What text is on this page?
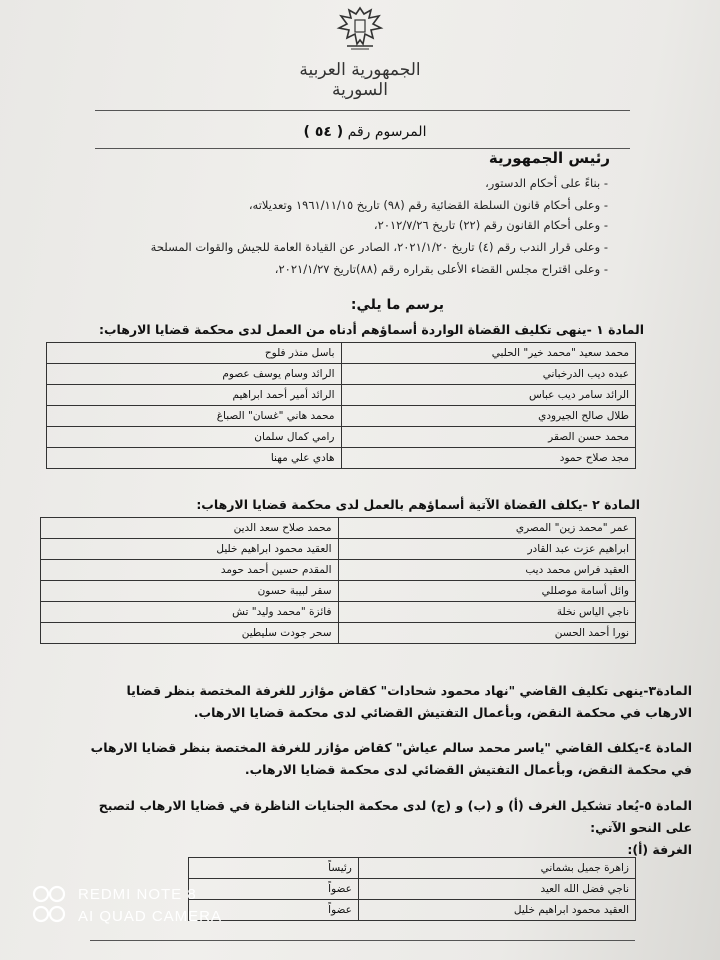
الجمهورية العربية السورية
المرسوم رقم ( ٥٤ )
رئيس الجمهورية
- بناءً على أحكام الدستور،
- وعلى أحكام قانون السلطة القضائية رقم (٩٨) تاريخ ١٩٦١/١١/١٥ وتعديلاته،
- وعلى أحكام القانون رقم (٢٢) تاريخ ٢٠١٢/٧/٢٦،
- وعلى قرار الندب رقم (٤) تاريخ ٢٠٢١/١/٢٠، الصادر عن القيادة العامة للجيش والقوات المسلحة
- وعلى اقتراح مجلس القضاء الأعلى بقراره رقم (٨٨)تاريخ ٢٠٢١/١/٢٧،
يرسم ما يلي:
المادة ١ -ينهى تكليف القضاة الواردة أسماؤهم أدناه من العمل لدى محكمة قضايا الارهاب:
محمد سعيد "محمد خير" الحلبي	باسل منذر فلوح
عبده ديب الدرخباني	الرائد وسام يوسف عصوم
الرائد سامر ديب عباس	الرائد أمير أحمد ابراهيم
طلال صالح الجيرودي	محمد هاني "غسان" الصباغ
محمد حسن الصقر	رامي كمال سلمان
مجد صلاح حمود	هادي علي مهنا
المادة ٢ -يكلف القضاة الآتية أسماؤهم بالعمل لدى محكمة قضايا الارهاب:
عمر "محمد زين" المصري	محمد صلاح سعد الدين
ابراهيم عزت عبد القادر	العقيد محمود ابراهيم خليل
العقيد فراس محمد ديب	المقدم حسين أحمد حومد
وائل أسامة موصللي	سقر لبيبة حسون
ناجي الياس نخلة	فائزة "محمد وليد" تش
نورا أحمد الحسن	سحر جودت سليطين
المادة٣-ينهى تكليف القاضي "نهاد محمود شحادات" كقاض مؤازر للغرفة المختصة بنظر قضايا
الارهاب في محكمة النقض، وبأعمال التفتيش القضائي لدى محكمة قضايا الارهاب.
المادة ٤-يكلف القاضي "ياسر محمد سالم عياش" كقاض مؤازر للغرفة المختصة بنظر قضايا الارهاب
في محكمة النقض، وبأعمال التفتيش القضائي لدى محكمة قضايا الارهاب.
المادة ٥-يُعاد تشكيل الغرف (أ) و (ب) و (ج) لدى محكمة الجنايات الناظرة في قضايا الارهاب لتصبح
على النحو الآتي:
الغرفة (أ):
زاهرة جميل بشماني	رئيساً
ناجي فضل الله العيد	عضواً
العقيد محمود ابراهيم خليل	عضواً
REDMI NOTE 8
AI QUAD CAMERA
